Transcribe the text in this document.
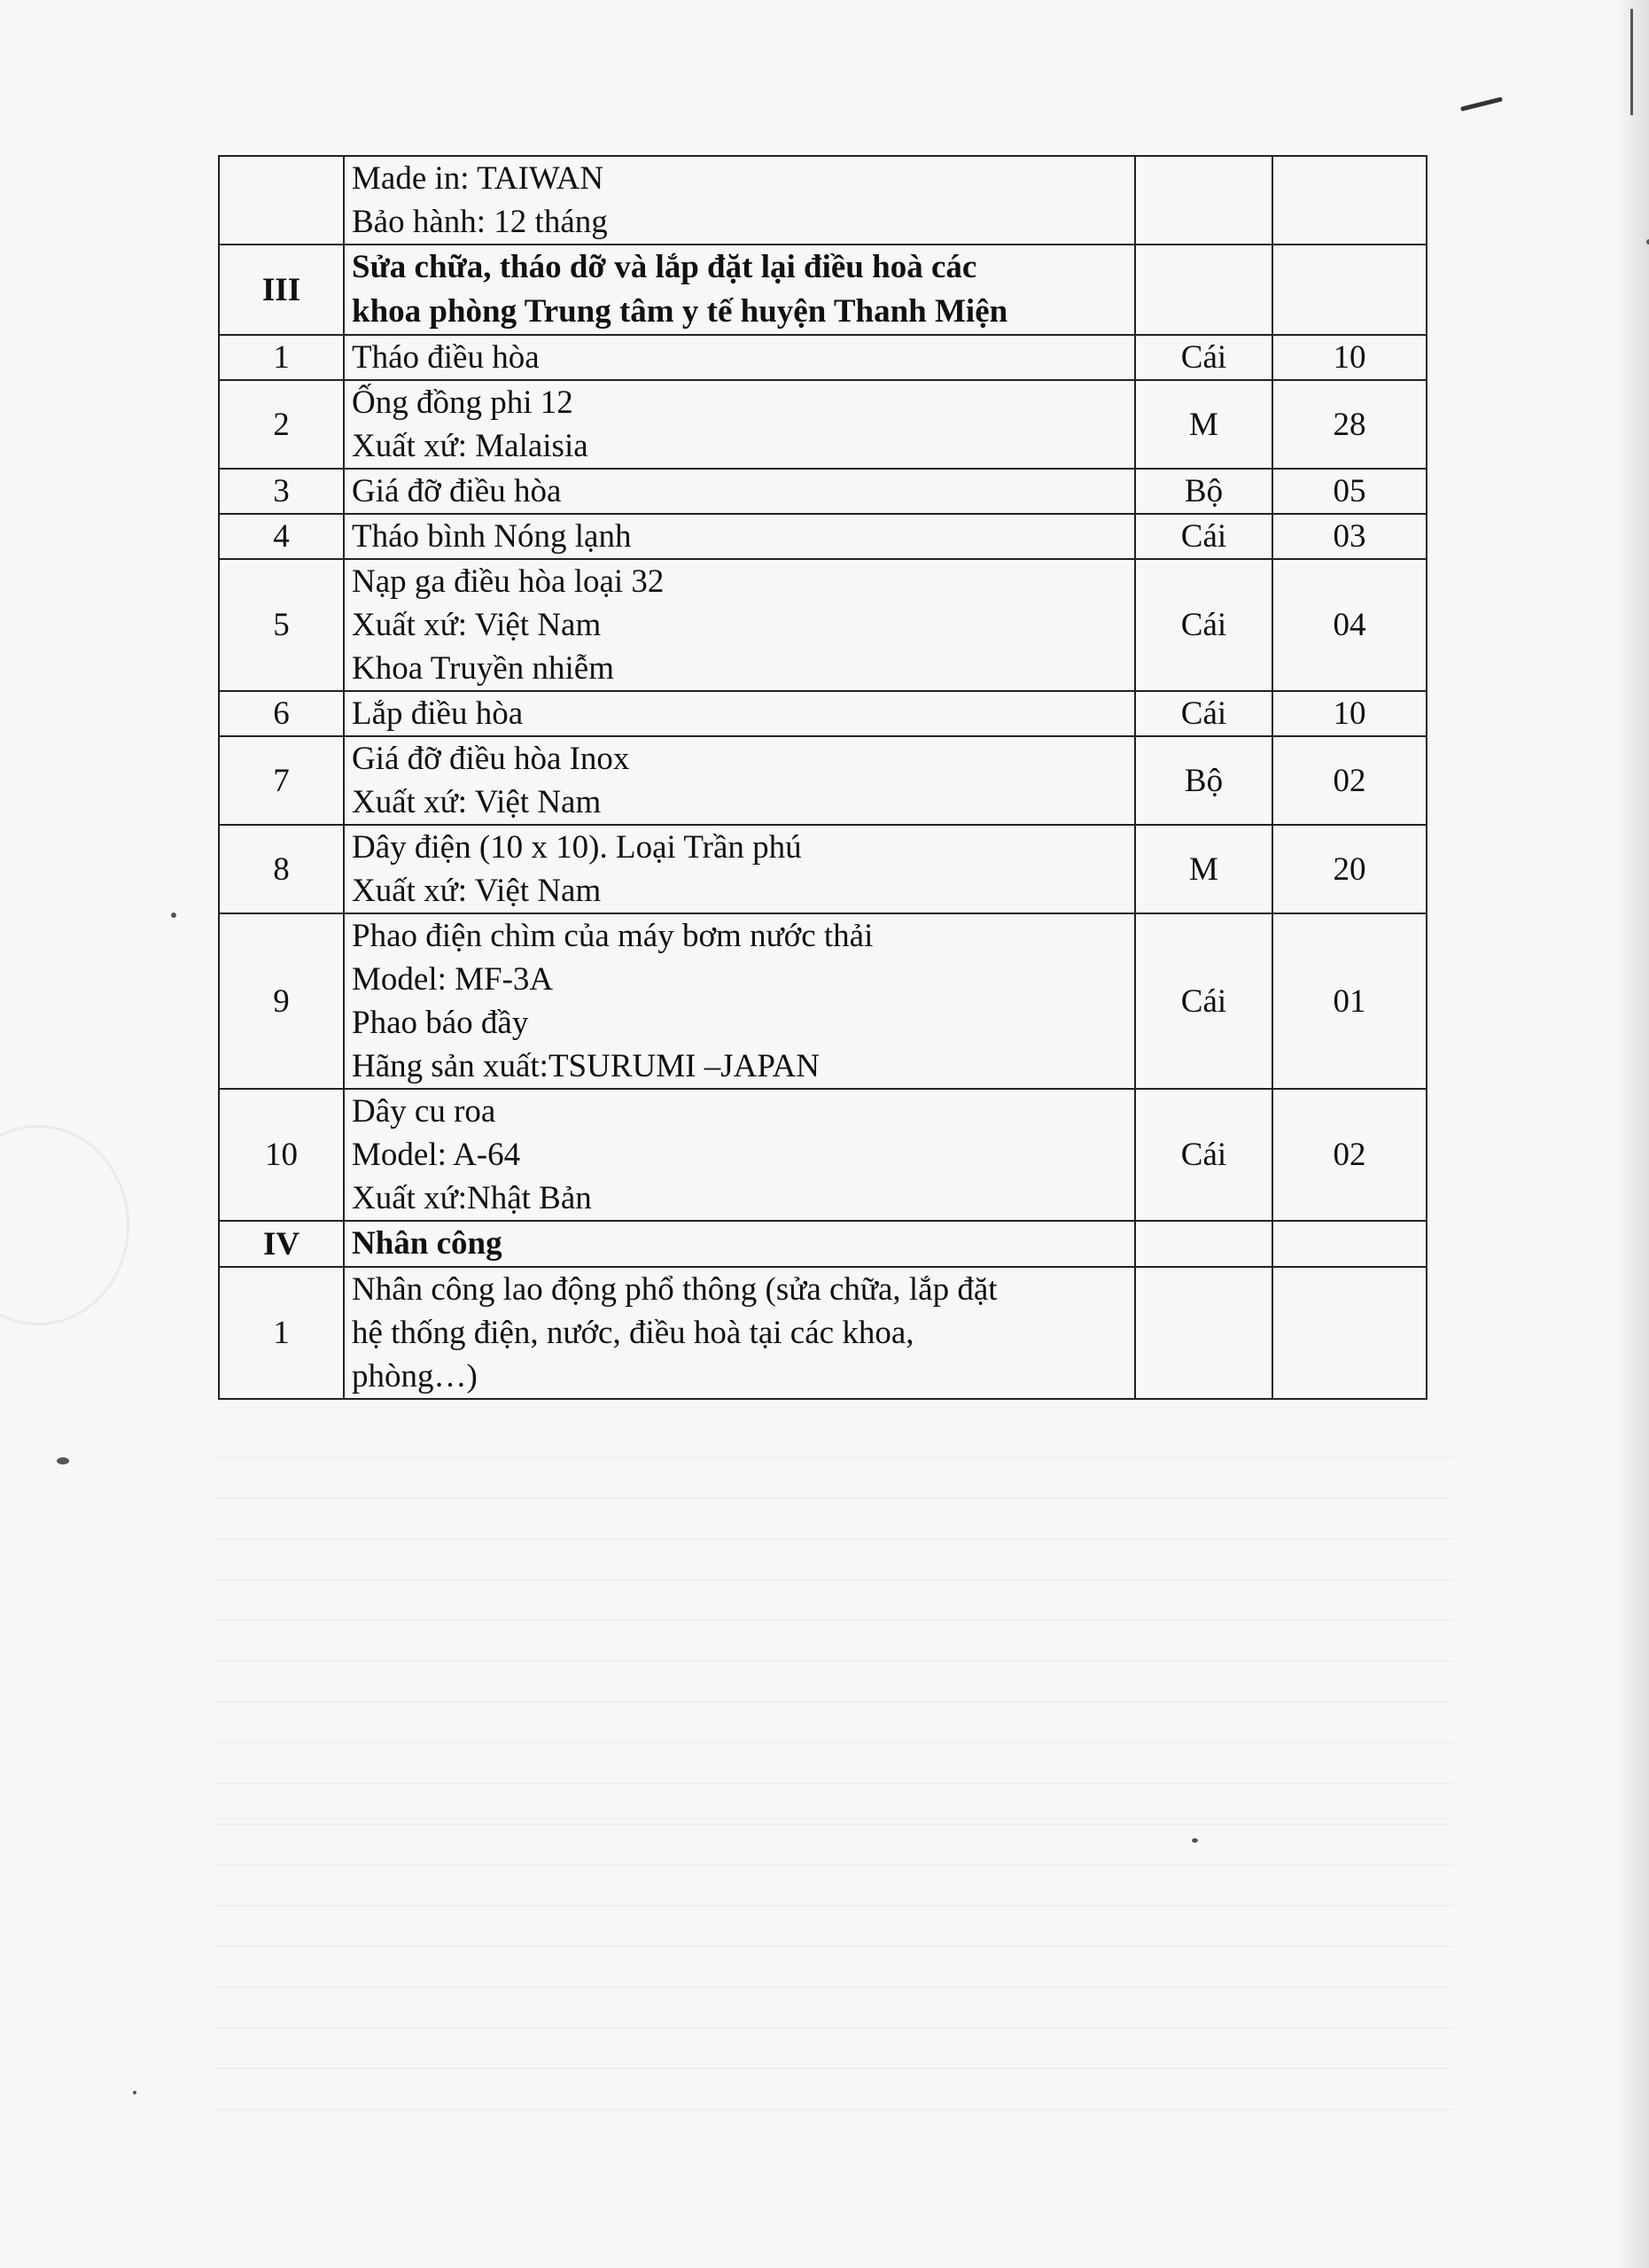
	Made in: TAIWAN
Bảo hành: 12 tháng		

III	Sửa chữa, tháo dỡ và lắp đặt lại điều hoà các
khoa phòng Trung tâm y tế huyện Thanh Miện		

1	Tháo điều hòa	Cái	10
2	Ống đồng phi 12
Xuất xứ: Malaisia	M	28
3	Giá đỡ điều hòa	Bộ	05
4	Tháo bình Nóng lạnh	Cái	03
5	Nạp ga điều hòa loại 32
Xuất xứ: Việt Nam
Khoa Truyền nhiễm	Cái	04
6	Lắp điều hòa	Cái	10
7	Giá đỡ điều hòa Inox
Xuất xứ: Việt Nam	Bộ	02
8	Dây điện (10 x 10). Loại Trần phú
Xuất xứ: Việt Nam	M	20
9	Phao điện chìm của máy bơm nước thải
Model: MF-3A
Phao báo đầy
Hãng sản xuất:TSURUMI –JAPAN	Cái	01
10	Dây cu roa
Model: A-64
Xuất xứ:Nhật Bản	Cái	02
IV	Nhân công		

1	Nhân công lao động phổ thông (sửa chữa, lắp đặt
hệ thống điện, nước, điều hoà tại các khoa,
phòng…)		
